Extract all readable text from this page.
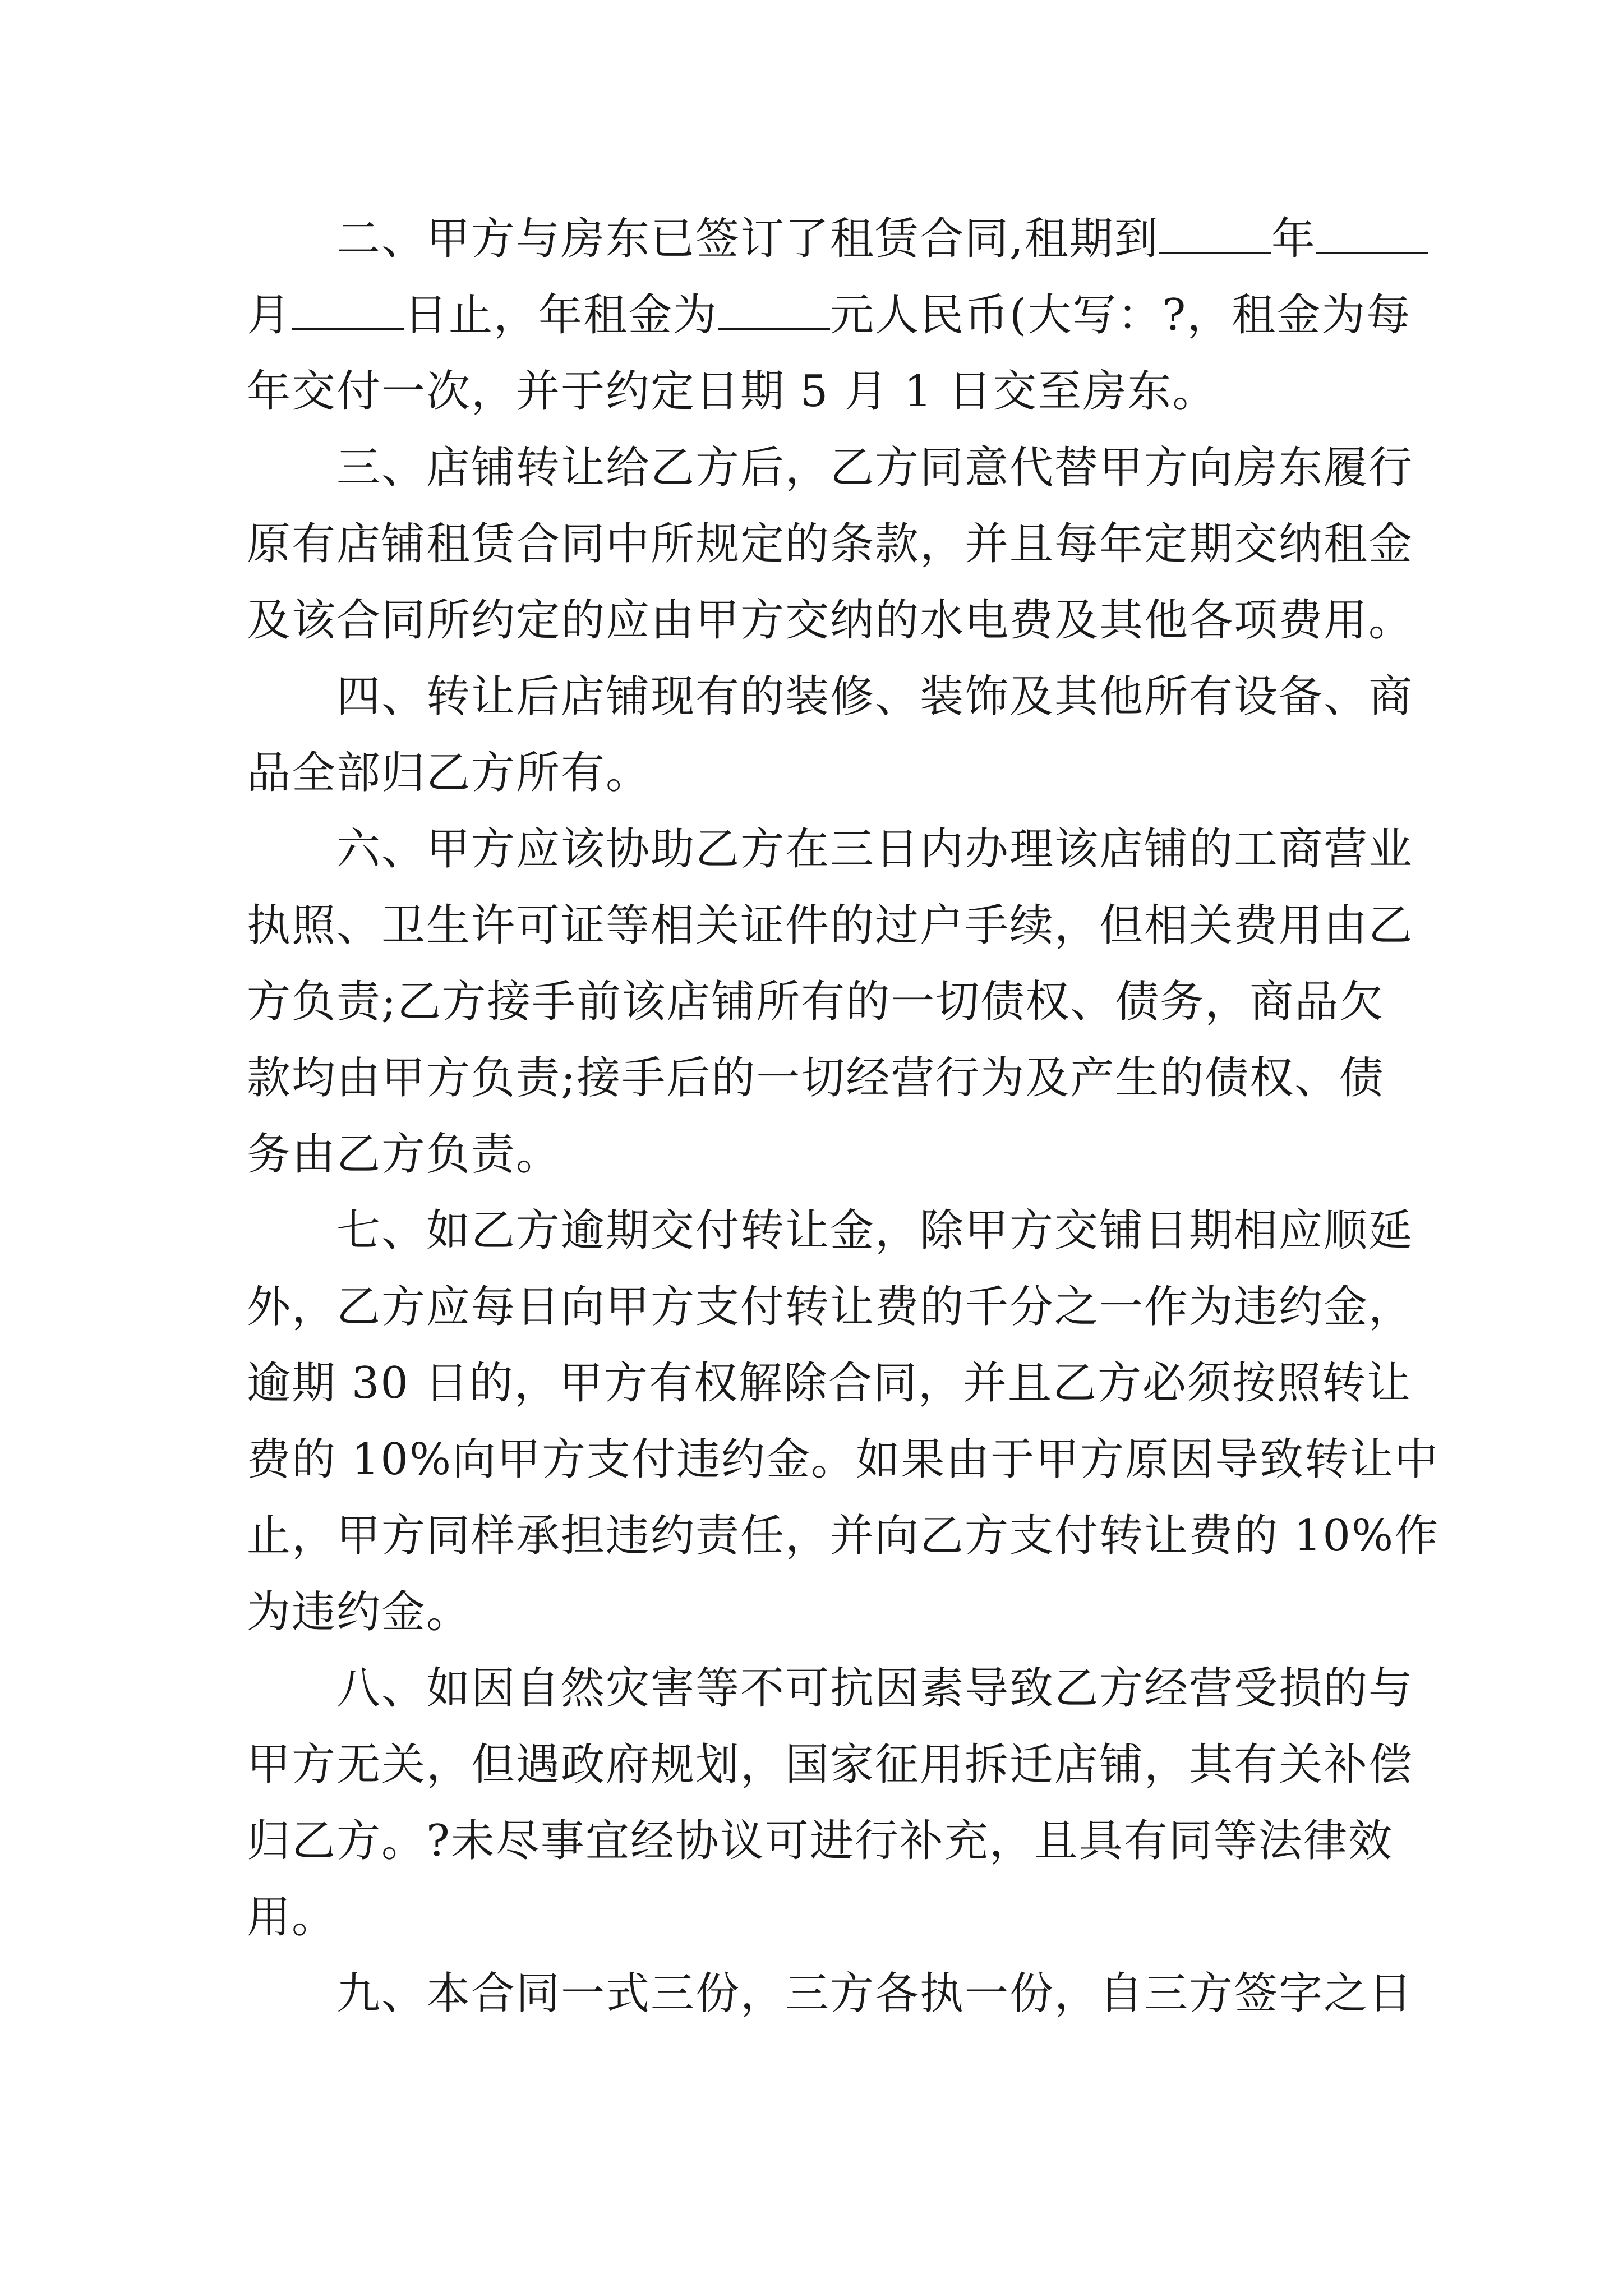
二、甲方与房东已签订了租赁合同,租期到	年
月	日止，年租金为	元人民币(大写：?，租金为每
年交付一次，并于约定日期 5 月 1 日交至房东。
三、店铺转让给乙方后，乙方同意代替甲方向房东履行
原有店铺租赁合同中所规定的条款，并且每年定期交纳租金
及该合同所约定的应由甲方交纳的水电费及其他各项费用。
四、转让后店铺现有的装修、装饰及其他所有设备、商
品全部归乙方所有。
六、甲方应该协助乙方在三日内办理该店铺的工商营业
执照、卫生许可证等相关证件的过户手续，但相关费用由乙
方负责;乙方接手前该店铺所有的一切债权、债务，商品欠
款均由甲方负责;接手后的一切经营行为及产生的债权、债
务由乙方负责。
七、如乙方逾期交付转让金，除甲方交铺日期相应顺延
外，乙方应每日向甲方支付转让费的千分之一作为违约金，
逾期 30 日的，甲方有权解除合同，并且乙方必须按照转让
费的 10%向甲方支付违约金。如果由于甲方原因导致转让中
止，甲方同样承担违约责任，并向乙方支付转让费的 10%作
为违约金。
八、如因自然灾害等不可抗因素导致乙方经营受损的与
甲方无关，但遇政府规划，国家征用拆迁店铺，其有关补偿
归乙方。?未尽事宜经协议可进行补充，且具有同等法律效
用。
九、本合同一式三份，三方各执一份，自三方签字之日
